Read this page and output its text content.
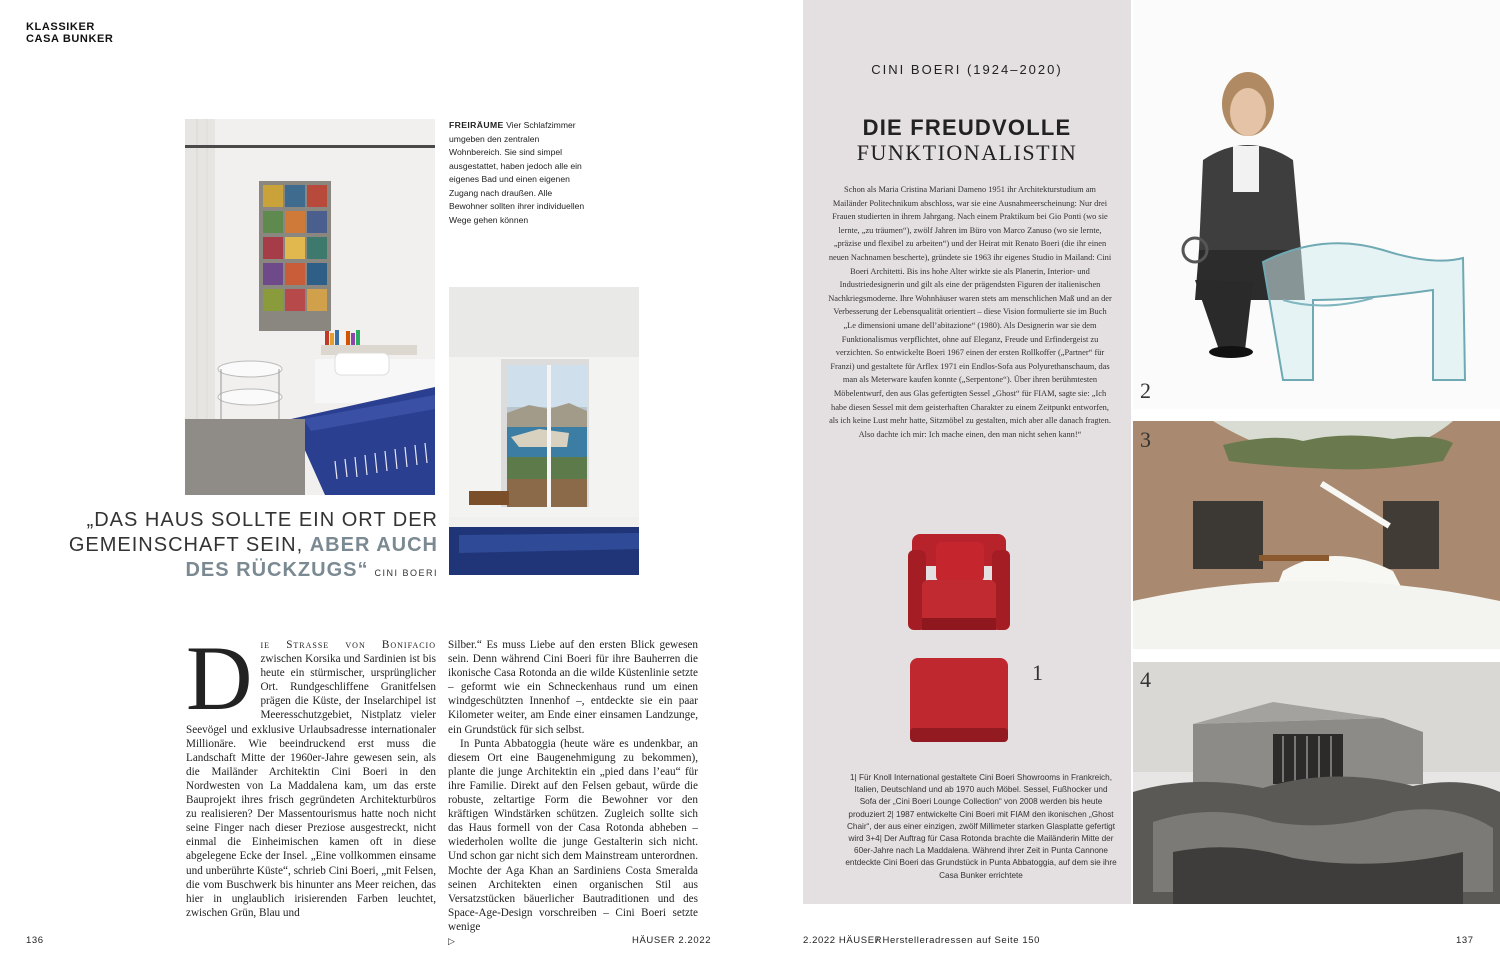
KLASSIKER
CASA BUNKER
FREIRÄUME Vier Schlafzimmer umgeben den zentralen Wohnbereich. Sie sind simpel ausgestattet, haben jedoch alle ein eigenes Bad und einen eigenen Zugang nach draußen. Alle Bewohner sollten ihrer individuellen Wege gehen können
„DAS HAUS SOLLTE EIN ORT DER GEMEINSCHAFT SEIN, ABER AUCH DES RÜCKZUGS“ CINI BOERI
Die Strasse von Bonifacio zwischen Korsika und Sardinien ist bis heute ein stürmischer, ursprünglicher Ort. Rundgeschliffene Granitfelsen prägen die Küste, der Inselarchipel ist Meeresschutzgebiet, Nistplatz vieler Seevögel und exklusive Urlaubsadresse internationaler Millionäre. Wie beeindruckend erst muss die Landschaft Mitte der 1960er-Jahre gewesen sein, als die Mailänder Architektin Cini Boeri in den Nordwesten von La Maddalena kam, um das erste Bauprojekt ihres frisch gegründeten Architekturbüros zu realisieren? Der Massentourismus hatte noch nicht seine Finger nach dieser Preziose ausgestreckt, nicht einmal die Einheimischen kamen oft in diese abgelegene Ecke der Insel. „Eine vollkommen einsame und unberührte Küste“, schrieb Cini Boeri, „mit Felsen, die vom Buschwerk bis hinunter ans Meer reichen, das hier in unglaublich irisierenden Farben leuchtet, zwischen Grün, Blau und
Silber.“ Es muss Liebe auf den ersten Blick gewesen sein. Denn während Cini Boeri für ihre Bauherren die ikonische Casa Rotonda an die wilde Küstenlinie setzte – geformt wie ein Schneckenhaus rund um einen windgeschützten Innenhof –, entdeckte sie ein paar Kilometer weiter, am Ende einer einsamen Landzunge, ein Grundstück für sich selbst.
In Punta Abbatoggia (heute wäre es undenkbar, an diesem Ort eine Baugenehmigung zu bekommen), plante die junge Architektin ein „pied dans l’eau“ für ihre Familie. Direkt auf den Felsen gebaut, würde die robuste, zeltartige Form die Bewohner vor den kräftigen Windstärken schützen. Zugleich sollte sich das Haus formell von der Casa Rotonda abheben – wiederholen wollte die junge Gestalterin sich nicht. Und schon gar nicht sich dem Mainstream unterordnen. Mochte der Aga Khan an Sardiniens Costa Smeralda seinen Architekten einen organischen Stil aus Versatzstücken bäuerlicher Bautraditionen und des Space-Age-Design vorschreiben – Cini Boeri setzte wenige
▷
136	HÄUSER 2.2022
CINI BOERI (1924–2020)
DIE FREUDVOLLE
FUNKTIONALISTIN
Schon als Maria Cristina Mariani Dameno 1951 ihr Architekturstudium am Mailänder Politechnikum abschloss, war sie eine Ausnahmeerscheinung: Nur drei Frauen studierten in ihrem Jahrgang. Nach einem Praktikum bei Gio Ponti (wo sie lernte, „zu träumen“), zwölf Jahren im Büro von Marco Zanuso (wo sie lernte, „präzise und flexibel zu arbeiten“) und der Heirat mit Renato Boeri (die ihr einen neuen Nachnamen bescherte), gründete sie 1963 ihr eigenes Studio in Mailand: Cini Boeri Architetti. Bis ins hohe Alter wirkte sie als Planerin, Interior- und Industriedesignerin und gilt als eine der prägendsten Figuren der italienischen Nachkriegsmoderne. Ihre Wohnhäuser waren stets am menschlichen Maß und an der Verbesserung der Lebensqualität orientiert – diese Vision formulierte sie im Buch „Le dimensioni umane dell’abitazione“ (1980). Als Designerin war sie dem Funktionalismus verpflichtet, ohne auf Eleganz, Freude und Erfindergeist zu verzichten. So entwickelte Boeri 1967 einen der ersten Rollkoffer („Partner“ für Franzi) und gestaltete für Arflex 1971 ein Endlos-Sofa aus Polyurethanschaum, das man als Meterware kaufen konnte („Serpentone“). Über ihren berühmtesten Möbelentwurf, den aus Glas gefertigten Sessel „Ghost“ für FIAM, sagte sie: „Ich habe diesen Sessel mit dem geisterhaften Charakter zu einem Zeitpunkt entworfen, als ich keine Lust mehr hatte, Sitzmöbel zu gestalten, mich aber alle danach fragten. Also dachte ich mir: Ich mache einen, den man nicht sehen kann!“
1
1| Für Knoll International gestaltete Cini Boeri Showrooms in Frankreich, Italien, Deutschland und ab 1970 auch Möbel. Sessel, Fußhocker und Sofa der „Cini Boeri Lounge Collection“ von 2008 werden bis heute produziert 2| 1987 entwickelte Cini Boeri mit FIAM den ikonischen „Ghost Chair“, der aus einer einzigen, zwölf Millimeter starken Glasplatte gefertigt wird 3+4| Der Auftrag für Casa Rotonda brachte die Mailänderin Mitte der 60er-Jahre nach La Maddalena. Während ihrer Zeit in Punta Cannone entdeckte Cini Boeri das Grundstück in Punta Abbatoggia, auf dem sie ihre Casa Bunker errichtete
2
3
4
2.2022 HÄUSER
/ Herstelleradressen auf Seite 150	137
